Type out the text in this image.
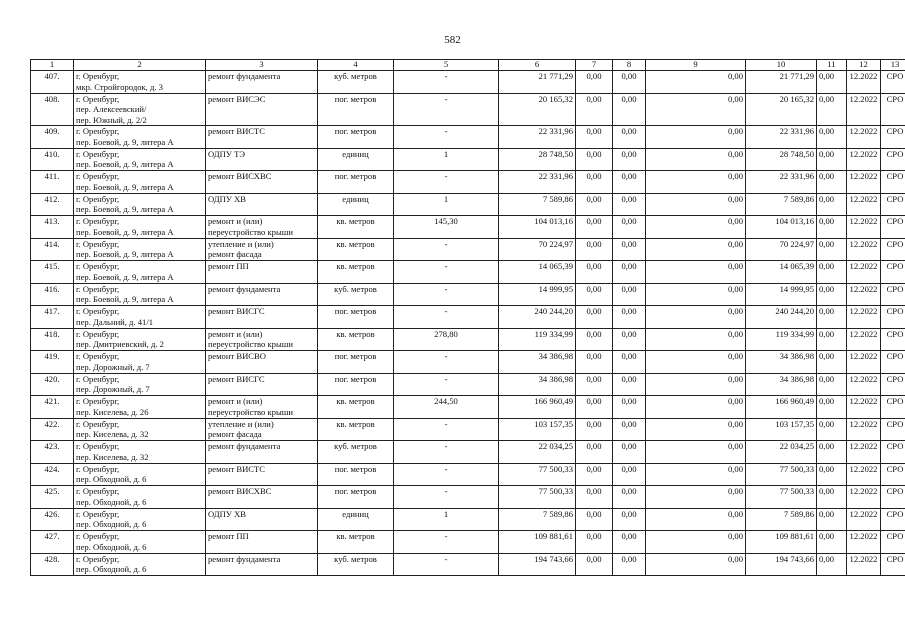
582
1	2	3	4	5	6	7	8	9	10	11	12	13

407.	г. Оренбург,
мкр. Стройгородок, д. 3	ремонт фундамента	куб. метров	-	21 771,29	0,00	0,00	0,00	21 771,29	0,00	12.2022	СРО

408.	г. Оренбург,
пер. Алексеевский/
пер. Южный, д. 2/2	ремонт ВИСЭС	пог. метров	-	20 165,32	0,00	0,00	0,00	20 165,32	0,00	12.2022	СРО

409.	г. Оренбург,
пер. Боевой, д. 9, литера А	ремонт ВИСТС	пог. метров	-	22 331,96	0,00	0,00	0,00	22 331,96	0,00	12.2022	СРО

410.	г. Оренбург,
пер. Боевой, д. 9, литера А	ОДПУ ТЭ	единиц	1	28 748,50	0,00	0,00	0,00	28 748,50	0,00	12.2022	СРО

411.	г. Оренбург,
пер. Боевой, д. 9, литера А	ремонт ВИСХВС	пог. метров	-	22 331,96	0,00	0,00	0,00	22 331,96	0,00	12.2022	СРО

412.	г. Оренбург,
пер. Боевой, д. 9, литера А	ОДПУ ХВ	единиц	1	7 589,86	0,00	0,00	0,00	7 589,86	0,00	12.2022	СРО

413.	г. Оренбург,
пер. Боевой, д. 9, литера А	ремонт и (или)
переустройство крыши	кв. метров	145,30	104 013,16	0,00	0,00	0,00	104 013,16	0,00	12.2022	СРО

414.	г. Оренбург,
пер. Боевой, д. 9, литера А	утепление и (или)
ремонт фасада	кв. метров	-	70 224,97	0,00	0,00	0,00	70 224,97	0,00	12.2022	СРО

415.	г. Оренбург,
пер. Боевой, д. 9, литера А	ремонт ПП	кв. метров	-	14 065,39	0,00	0,00	0,00	14 065,39	0,00	12.2022	СРО

416.	г. Оренбург,
пер. Боевой, д. 9, литера А	ремонт фундамента	куб. метров	-	14 999,95	0,00	0,00	0,00	14 999,95	0,00	12.2022	СРО

417.	г. Оренбург,
пер. Дальний, д. 41/1	ремонт ВИСГС	пог. метров	-	240 244,20	0,00	0,00	0,00	240 244,20	0,00	12.2022	СРО

418.	г. Оренбург,
пер. Дмитриевский, д. 2	ремонт и (или)
переустройство крыши	кв. метров	278,80	119 334,99	0,00	0,00	0,00	119 334,99	0,00	12.2022	СРО

419.	г. Оренбург,
пер. Дорожный, д. 7	ремонт ВИСВО	пог. метров	-	34 386,98	0,00	0,00	0,00	34 386,98	0,00	12.2022	СРО

420.	г. Оренбург,
пер. Дорожный, д. 7	ремонт ВИСГС	пог. метров	-	34 386,98	0,00	0,00	0,00	34 386,98	0,00	12.2022	СРО

421.	г. Оренбург,
пер. Киселева, д. 26	ремонт и (или)
переустройство крыши	кв. метров	244,50	166 960,49	0,00	0,00	0,00	166 960,49	0,00	12.2022	СРО

422.	г. Оренбург,
пер. Киселева, д. 32	утепление и (или)
ремонт фасада	кв. метров	-	103 157,35	0,00	0,00	0,00	103 157,35	0,00	12.2022	СРО

423.	г. Оренбург,
пер. Киселева, д. 32	ремонт фундамента	куб. метров	-	22 034,25	0,00	0,00	0,00	22 034,25	0,00	12.2022	СРО

424.	г. Оренбург,
пер. Обходной, д. 6	ремонт ВИСТС	пог. метров	-	77 500,33	0,00	0,00	0,00	77 500,33	0,00	12.2022	СРО

425.	г. Оренбург,
пер. Обходной, д. 6	ремонт ВИСХВС	пог. метров	-	77 500,33	0,00	0,00	0,00	77 500,33	0,00	12.2022	СРО

426.	г. Оренбург,
пер. Обходной, д. 6	ОДПУ ХВ	единиц	1	7 589,86	0,00	0,00	0,00	7 589,86	0,00	12.2022	СРО

427.	г. Оренбург,
пер. Обходной, д. 6	ремонт ПП	кв. метров	-	109 881,61	0,00	0,00	0,00	109 881,61	0,00	12.2022	СРО

428.	г. Оренбург,
пер. Обходной, д. 6	ремонт фундамента	куб. метров	-	194 743,66	0,00	0,00	0,00	194 743,66	0,00	12.2022	СРО
